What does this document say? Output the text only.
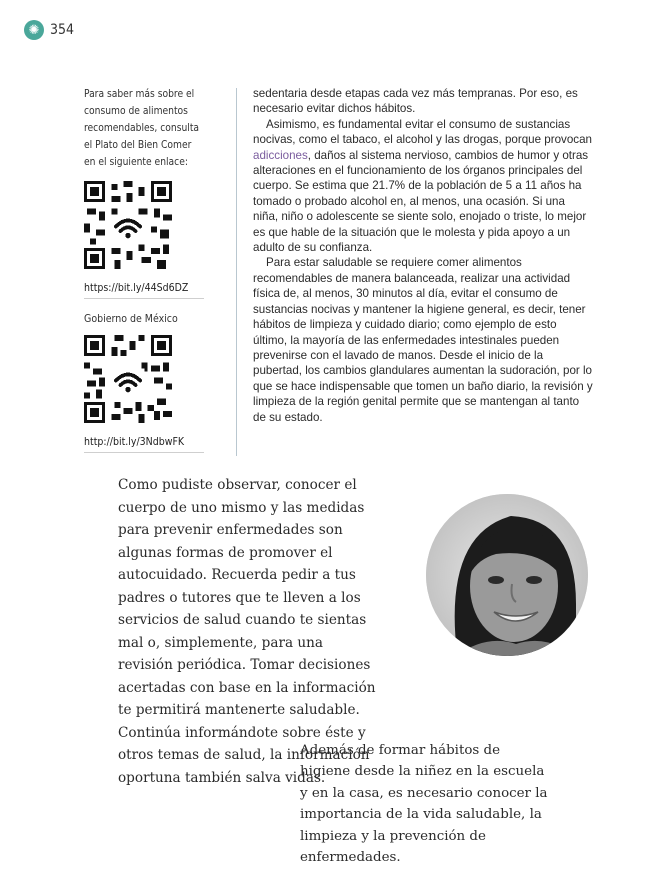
✺ 354

Para saber más sobre el consumo de alimentos recomendables, consulta el Plato del Bien Comer en el siguiente enlace:

https://bit.ly/44Sd6DZ
Gobierno de México
http://bit.ly/3NdbwFK

sedentaria desde etapas cada vez más tempranas. Por eso, es necesario evitar dichos hábitos.

Asimismo, es fundamental evitar el consumo de sustancias nocivas, como el tabaco, el alcohol y las drogas, porque provocan adicciones, daños al sistema nervioso, cambios de humor y otras alteraciones en el funcionamiento de los órganos principales del cuerpo. Se estima que 21.7% de la población de 5 a 11 años ha tomado o probado alcohol en, al menos, una ocasión. Si una niña, niño o adolescente se siente solo, enojado o triste, lo mejor es que hable de la situación que le molesta y pida apoyo a un adulto de su confianza.

Para estar saludable se requiere comer alimentos recomendables de manera balanceada, realizar una actividad física de, al menos, 30 minutos al día, evitar el consumo de sustancias nocivas y mantener la higiene general, es decir, tener hábitos de limpieza y cuidado diario; como ejemplo de esto último, la mayoría de las enfermedades intestinales pueden prevenirse con el lavado de manos. Desde el inicio de la pubertad, los cambios glandulares aumentan la sudoración, por lo que se hace indispensable que tomen un baño diario, la revisión y limpieza de la región genital permite que se mantengan al tanto de su estado.

Como pudiste observar, conocer el cuerpo de uno mismo y las medidas para prevenir enfermedades son algunas formas de promover el autocuidado. Recuerda pedir a tus padres o tutores que te lleven a los servicios de salud cuando te sientas mal o, simplemente, para una revisión periódica. Tomar decisiones acertadas con base en la información te permitirá mantenerte saludable. Continúa informándote sobre éste y otros temas de salud, la información oportuna también salva vidas.

Además de formar hábitos de higiene desde la niñez en la escuela y en la casa, es necesario conocer la importancia de la vida saludable, la limpieza y la prevención de enfermedades.
